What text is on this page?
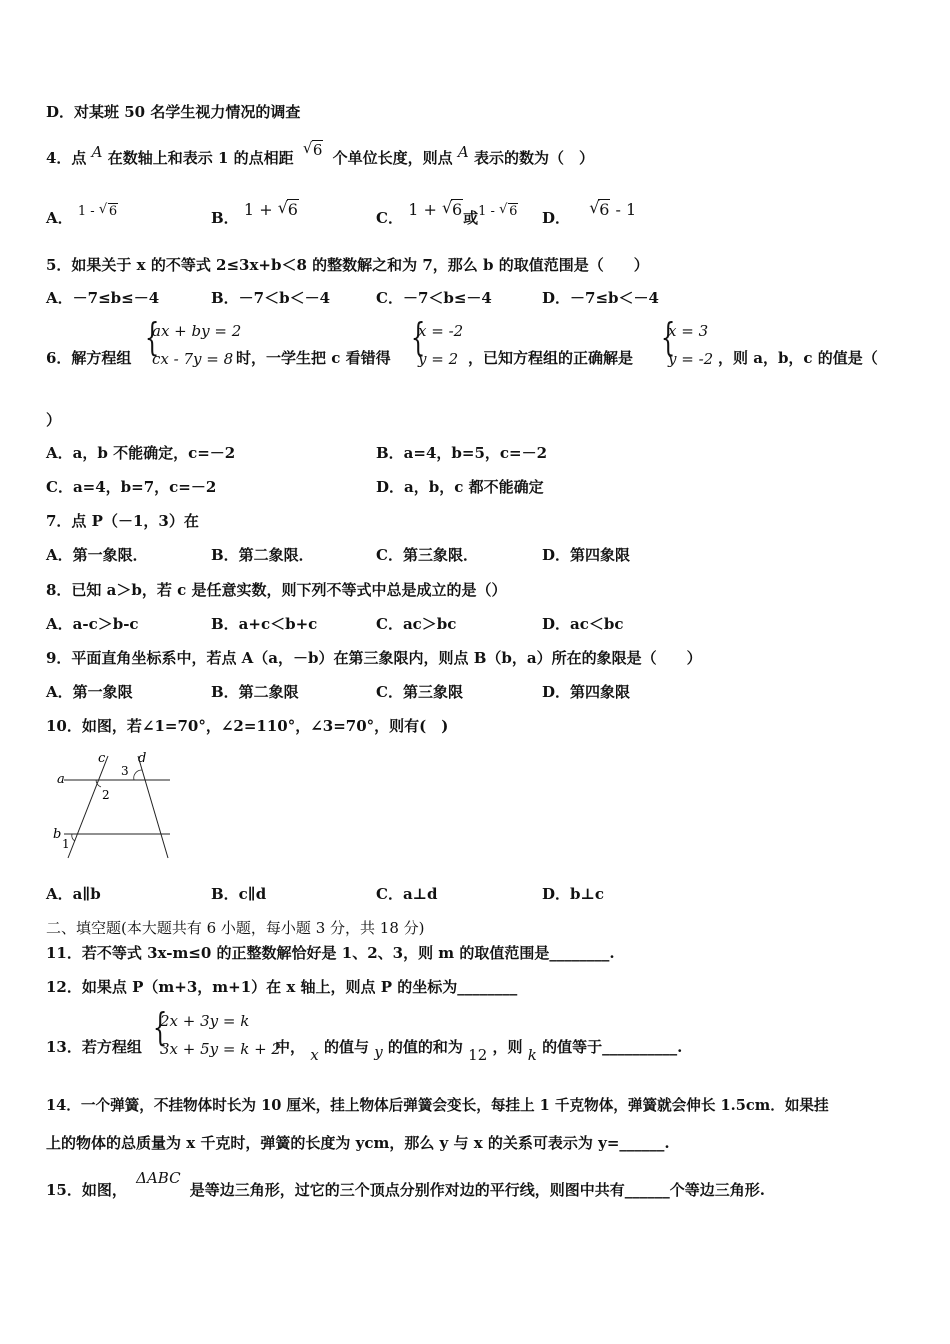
D．对某班 50 名学生视力情况的调查
4．点 A 在数轴上和表示 1 的点相距 √ 6 个单位长度，则点 A 表示的数为（　）
A． 1 - √ 6	B． 1 + √ 6	C． 1 + √ 6或1 - √ 6 D． √ 6 - 1
5．如果关于 x 的不等式 2≤3x+b＜8 的整数解之和为 7，那么 b 的取值范围是（　　）
A．－7≤b≤－4	B．－7＜b＜－4	C．－7＜b≤－4	D．－7≤b＜－4
6．解方程组 {
ax + by = 2
cx - 7y = 8 时，一学生把 c 看错得 {
x = -2
y = 2 ，已知方程组的正确解是 {
x = 3
y = -2 ，则 a，b，c 的值是（
）
A．a，b 不能确定，c=－2	B．a=4，b=5，c=－2
C．a=4，b=7，c=－2	D．a，b，c 都不能确定
7．点 P（－1，3）在
A．第一象限．	B．第二象限．	C．第三象限．	D．第四象限
8．已知 a＞b，若 c 是任意实数，则下列不等式中总是成立的是（）
A．a-c＞b-c	B．a+c＜b+c	C．ac＞bc	D．ac＜bc
9．平面直角坐标系中，若点 A（a，－b）在第三象限内，则点 B（b，a）所在的象限是（　　）
A．第一象限	B．第二象限	C．第三象限	D．第四象限
10．如图，若∠1=70°，∠2=110°，∠3=70°，则有(　)
a
b
c	d
1
2
3
A．a∥b	B．c∥d	C．a⊥d	D．b⊥c
二、填空题(本大题共有 6 小题，每小题 3 分，共 18 分)
11．若不等式 3x-m≤0 的正整数解恰好是 1、2、3，则 m 的取值范围是________.
12．如果点 P（m+3，m+1）在 x 轴上，则点 P 的坐标为________
13．若方程组 {
2x + 3y = k
3x + 5y = k + 2
中， x 的值与 y 的值的和为 12 ，则 k 的值等于__________.
14．一个弹簧，不挂物体时长为 10 厘米，挂上物体后弹簧会变长，每挂上 1 千克物体，弹簧就会伸长 1.5cm．如果挂
上的物体的总质量为 x 千克时，弹簧的长度为 ycm，那么 y 与 x 的关系可表示为 y=______.
15．如图， ΔABC 是等边三角形，过它的三个顶点分别作对边的平行线，则图中共有______个等边三角形.
